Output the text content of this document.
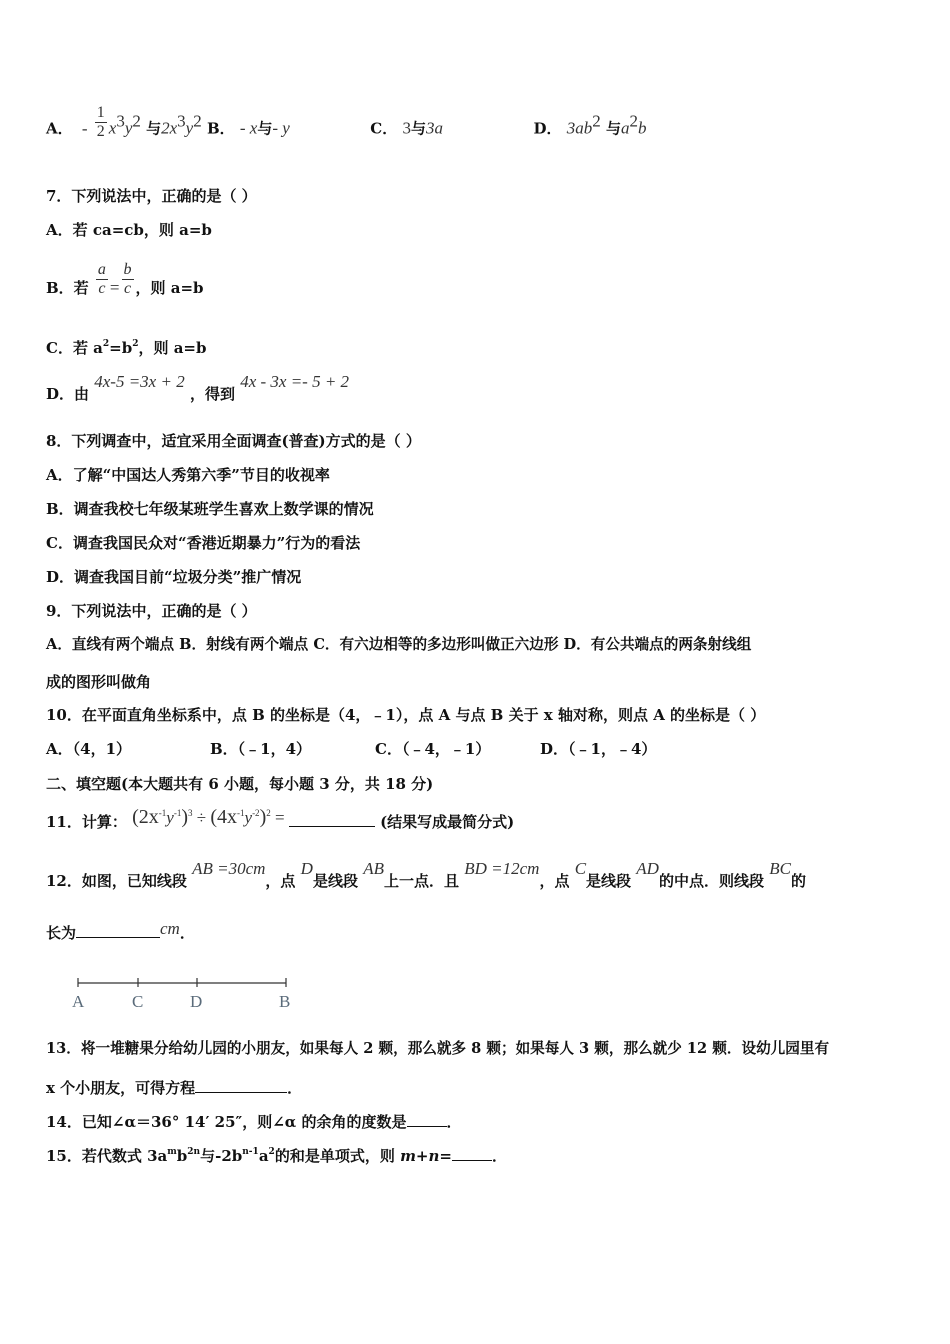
A． - $\frac{1}{2} x^3y^2$ 与$2x^3y^2$ B． - x与- y	C． 3与3a	D． $3ab^2$ 与$a^2b$
7．下列说法中，正确的是（ ）
A．若 ca=cb，则 a=b
B．若 $\frac{a}{c} = \frac{b}{c}$ ，则 a=b
C．若 $a^2=b^2$，则 a=b
D．由 4x-5 =3x + 2 ，得到 4x - 3x =- 5 + 2
8．下列调查中，适宜采用全面调查(普查)方式的是（ ）
A．了解“中国达人秀第六季”节目的收视率
B．调查我校七年级某班学生喜欢上数学课的情况
C．调查我国民众对“香港近期暴力”行为的看法
D．调查我国目前“垃圾分类”推广情况
9．下列说法中，正确的是（ ）
A．直线有两个端点 B．射线有两个端点 C．有六边相等的多边形叫做正六边形 D．有公共端点的两条射线组
成的图形叫做角
10．在平面直角坐标系中，点 B 的坐标是（4，﹣1），点 A 与点 B 关于 x 轴对称，则点 A 的坐标是（ ）
A．（4，1）	B．（﹣1，4）	C．（﹣4，﹣1）	D．（﹣1，﹣4）
二、填空题(本大题共有 6 小题，每小题 3 分，共 18 分)
11．计算： $(2x^{-1}y^{-1})^3 \div (4x^{-1}y^{-2})^2$ =	(结果写成最简分式)
12．如图，已知线段 AB =30cm，点 D是线段 AB上一点．且 BD =12cm，点 C是线段 AD的中点．则线段 BC的
长为	cm．
A	C	D	B
13．将一堆糖果分给幼儿园的小朋友，如果每人 2 颗，那么就多 8 颗；如果每人 3 颗，那么就少 12 颗．设幼儿园里有
x 个小朋友，可得方程	．
14．已知∠α＝36° 14′ 25″，则∠α 的余角的度数是	．
15．若代数式 $3a^mb^{2n}$与$-2b^{n-1}a^2$的和是单项式，则 m+n=	．
